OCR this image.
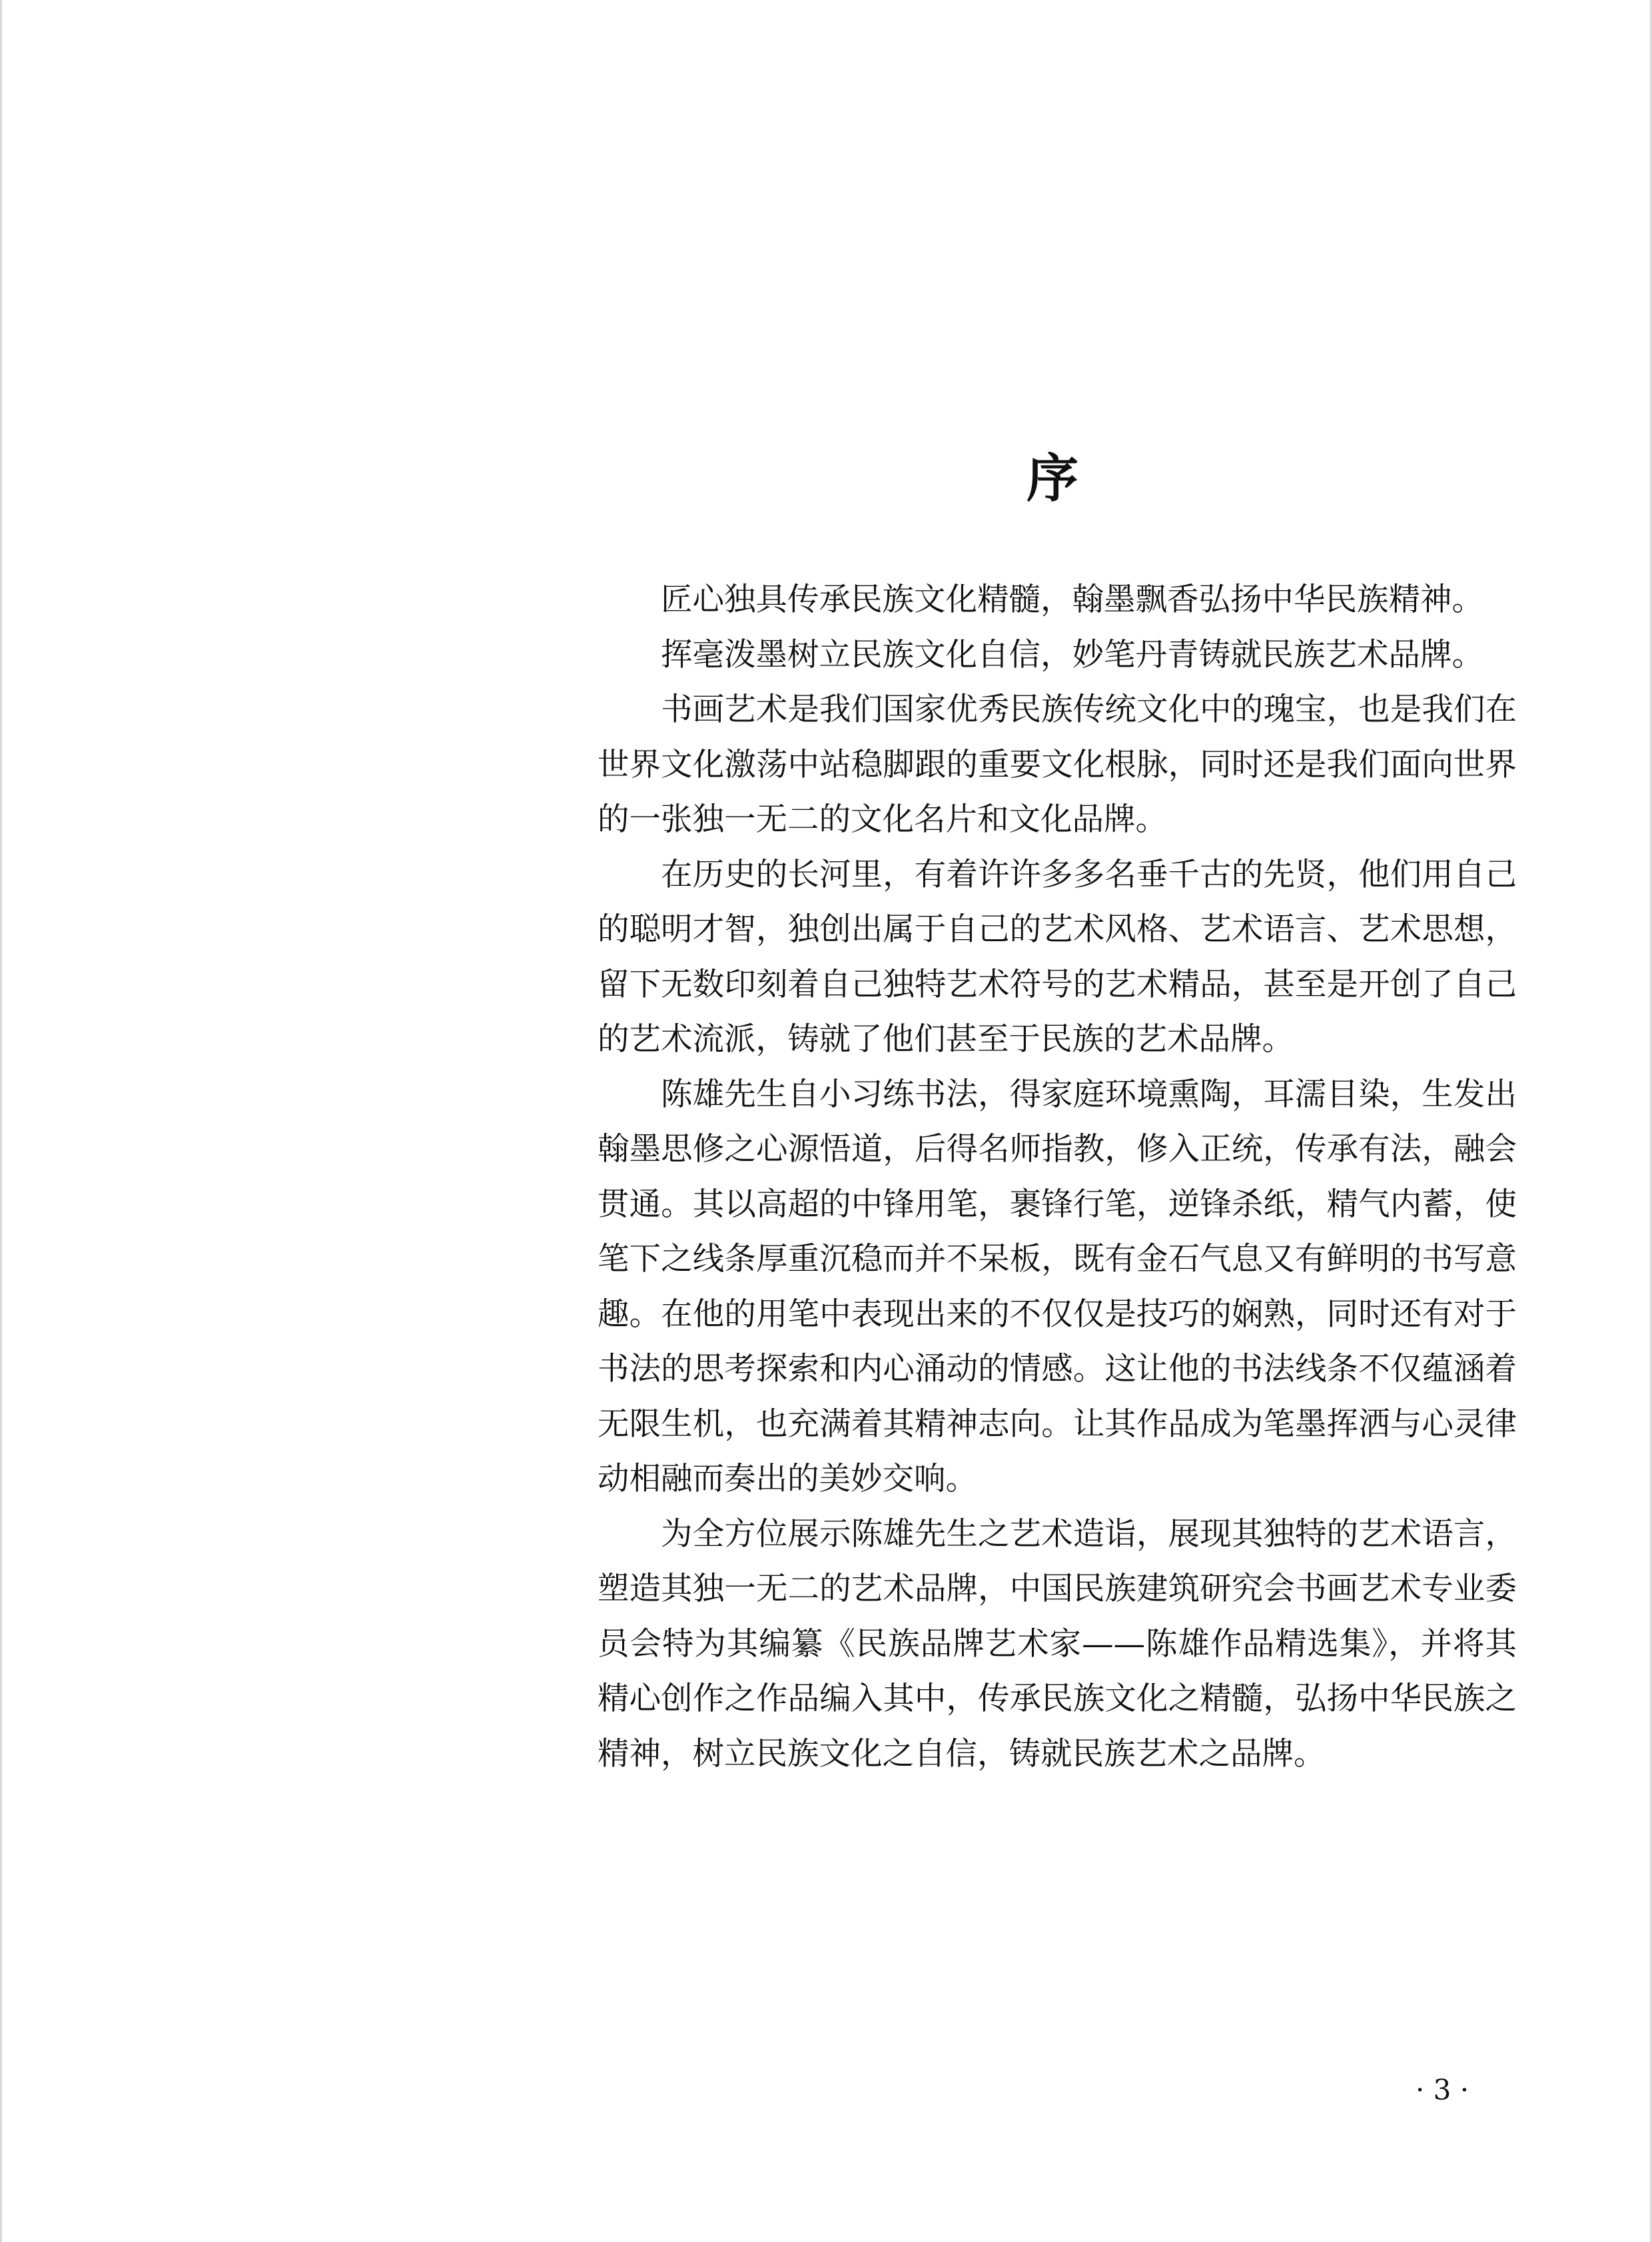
序

匠心独具传承民族文化精髓，翰墨飘香弘扬中华民族精神。

挥毫泼墨树立民族文化自信，妙笔丹青铸就民族艺术品牌。

书画艺术是我们国家优秀民族传统文化中的瑰宝，也是我们在世界文化激荡中站稳脚跟的重要文化根脉，同时还是我们面向世界的一张独一无二的文化名片和文化品牌。

在历史的长河里，有着许许多多名垂千古的先贤，他们用自己的聪明才智，独创出属于自己的艺术风格、艺术语言、艺术思想，留下无数印刻着自己独特艺术符号的艺术精品，甚至是开创了自己的艺术流派，铸就了他们甚至于民族的艺术品牌。

陈雄先生自小习练书法，得家庭环境熏陶，耳濡目染，生发出翰墨思修之心源悟道，后得名师指教，修入正统，传承有法，融会贯通。其以高超的中锋用笔，裹锋行笔，逆锋杀纸，精气内蓄，使笔下之线条厚重沉稳而并不呆板，既有金石气息又有鲜明的书写意趣。在他的用笔中表现出来的不仅仅是技巧的娴熟，同时还有对于书法的思考探索和内心涌动的情感。这让他的书法线条不仅蕴涵着无限生机，也充满着其精神志向。让其作品成为笔墨挥洒与心灵律动相融而奏出的美妙交响。

为全方位展示陈雄先生之艺术造诣，展现其独特的艺术语言，塑造其独一无二的艺术品牌，中国民族建筑研究会书画艺术专业委员会特为其编纂《民族品牌艺术家——陈雄作品精选集》，并将其精心创作之作品编入其中，传承民族文化之精髓，弘扬中华民族之精神，树立民族文化之自信，铸就民族艺术之品牌。

· 3 ·
